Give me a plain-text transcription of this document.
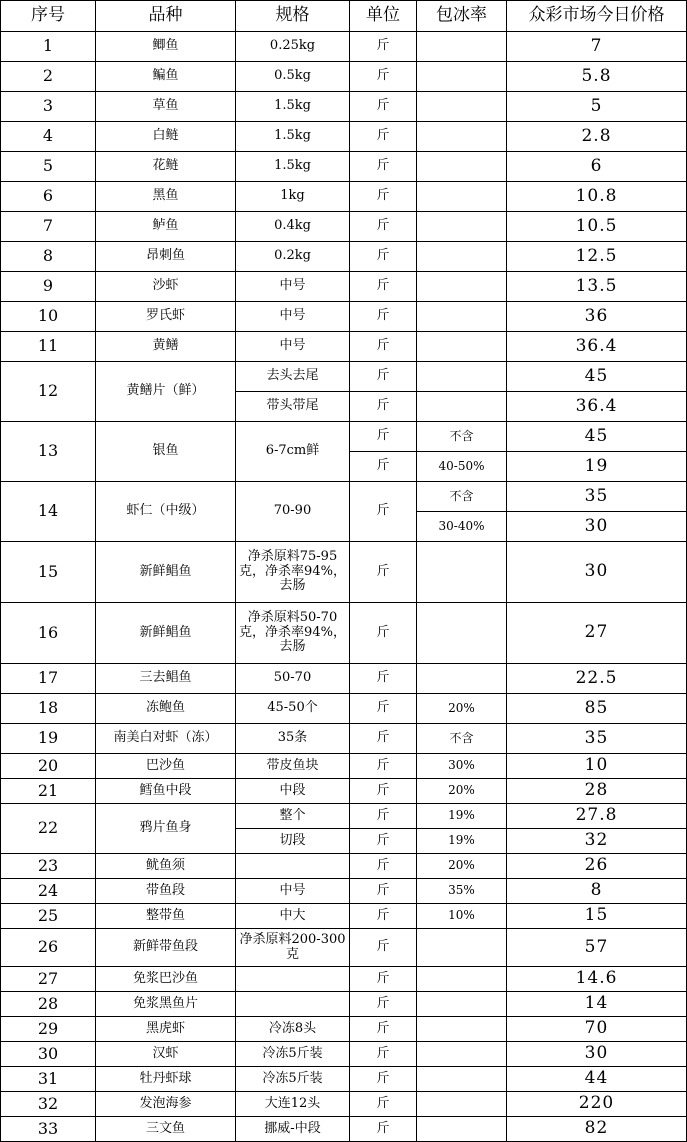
序号	品种	规格	单位	包冰率	众彩市场今日价格
1	鲫鱼	0.25kg	斤		7
2	鳊鱼	0.5kg	斤		5.8
3	草鱼	1.5kg	斤		5
4	白鲢	1.5kg	斤		2.8
5	花鲢	1.5kg	斤		6
6	黑鱼	1kg	斤		10.8
7	鲈鱼	0.4kg	斤		10.5
8	昂刺鱼	0.2kg	斤		12.5
9	沙虾	中号	斤		13.5
10	罗氏虾	中号	斤		36
11	黄鳝	中号	斤		36.4
12	黄鳝片（鲜）	去头去尾	斤		45
		带头带尾	斤		36.4
13	银鱼	6-7cm鲜	斤	不含	45
			斤	40-50%	19
14	虾仁（中级）	70-90	斤	不含	35
				30-40%	30
15	新鲜鲳鱼	净杀原料75-95克，净杀率94%，去肠	斤		30
16	新鲜鲳鱼	净杀原料50-70克，净杀率94%，去肠	斤		27
17	三去鲳鱼	50-70	斤		22.5
18	冻鲍鱼	45-50个	斤	20%	85
19	南美白对虾（冻）	35条	斤	不含	35
20	巴沙鱼	带皮鱼块	斤	30%	10
21	鳕鱼中段	中段	斤	20%	28
22	鸦片鱼身	整个	斤	19%	27.8
		切段	斤	19%	32
23	鱿鱼须		斤	20%	26
24	带鱼段	中号	斤	35%	8
25	整带鱼	中大	斤	10%	15
26	新鲜带鱼段	净杀原料200-300克	斤		57
27	免浆巴沙鱼		斤		14.6
28	免浆黑鱼片		斤		14
29	黑虎虾	冷冻8头	斤		70
30	汉虾	冷冻5斤装	斤		30
31	牡丹虾球	冷冻5斤装	斤		44
32	发泡海参	大连12头	斤		220
33	三文鱼	挪威-中段	斤		82
